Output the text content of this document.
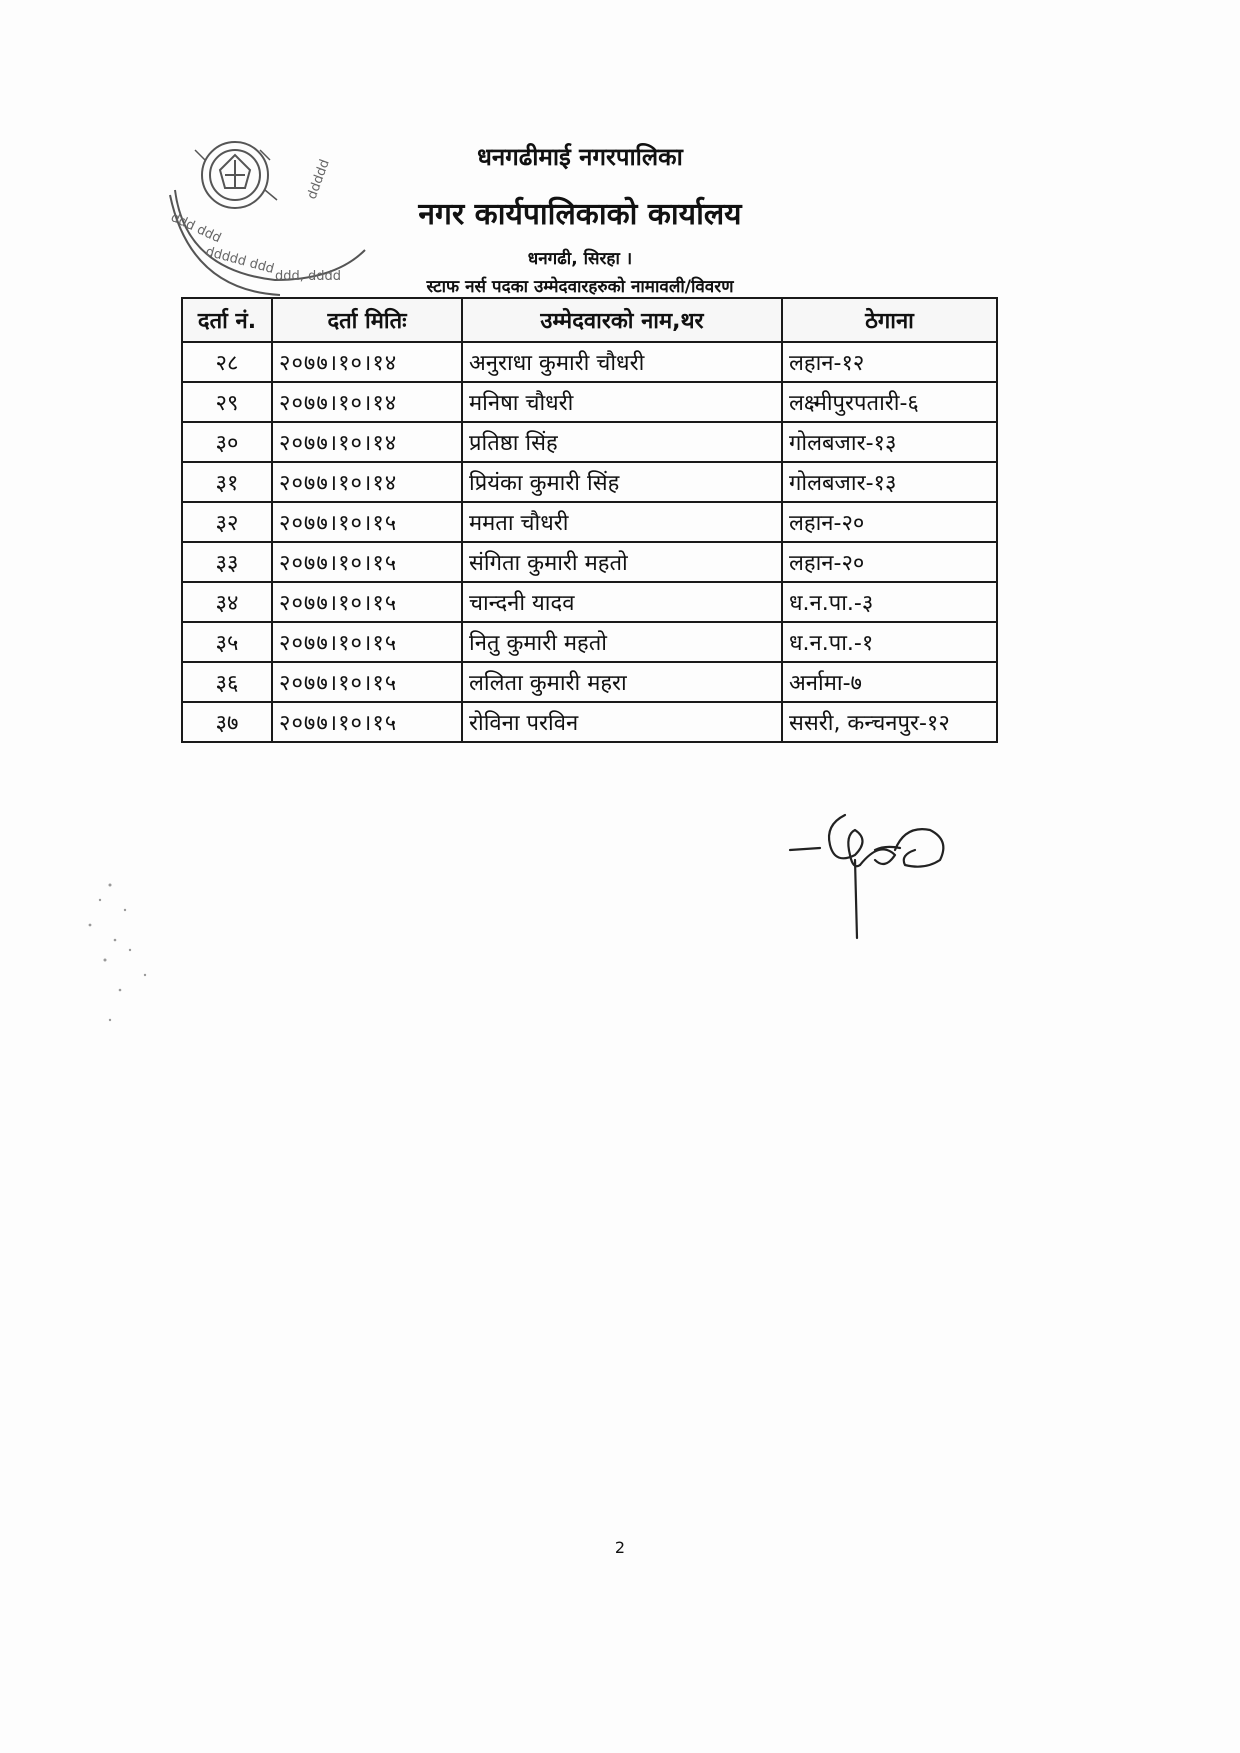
ddd ddd
ddddd ddd ddd, dddd
ddddd
धनगढीमाई नगरपालिका
नगर कार्यपालिकाको कार्यालय
धनगढी, सिरहा ।
स्टाफ नर्स पदका उम्मेदवारहरुको नामावली/विवरण
दर्ता नं.	दर्ता मितिः	उम्मेदवारको नाम,थर	ठेगाना
२८	२०७७।१०।१४	अनुराधा कुमारी चौधरी	लहान-१२
२९	२०७७।१०।१४	मनिषा चौधरी	लक्ष्मीपुरपतारी-६
३०	२०७७।१०।१४	प्रतिष्ठा सिंह	गोलबजार-१३
३१	२०७७।१०।१४	प्रियंका कुमारी सिंह	गोलबजार-१३
३२	२०७७।१०।१५	ममता चौधरी	लहान-२०
३३	२०७७।१०।१५	संगिता कुमारी महतो	लहान-२०
३४	२०७७।१०।१५	चान्दनी यादव	ध.न.पा.-३
३५	२०७७।१०।१५	नितु कुमारी महतो	ध.न.पा.-१
३६	२०७७।१०।१५	ललिता कुमारी महरा	अर्नामा-७
३७	२०७७।१०।१५	रोविना परविन	ससरी, कन्चनपुर-१२
2
